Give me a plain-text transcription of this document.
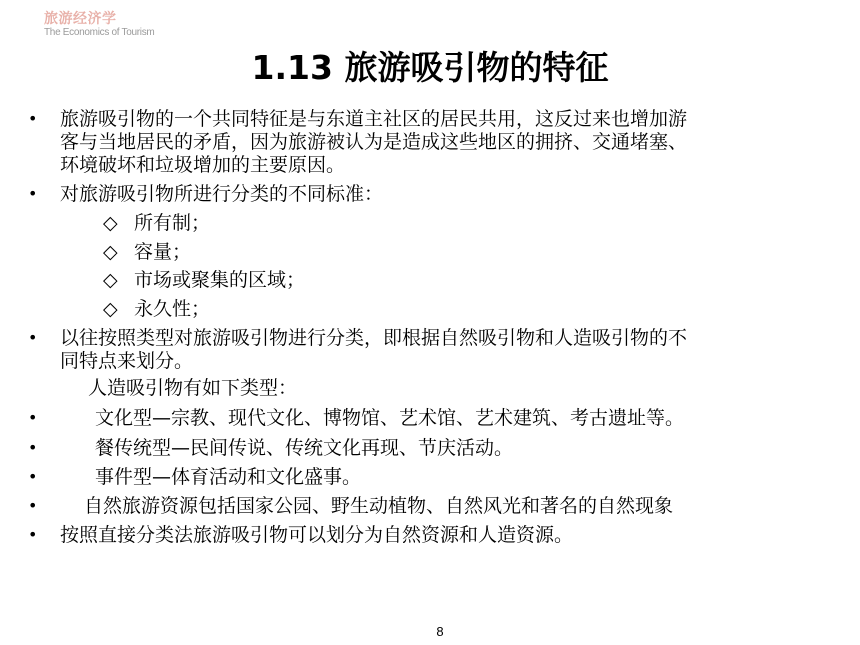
旅游经济学
The Economics of Tourism
1.13 旅游吸引物的特征
• 旅游吸引物的一个共同特征是与东道主社区的居民共用，这反过来也增加游
客与当地居民的矛盾，因为旅游被认为是造成这些地区的拥挤、交通堵塞、
环境破坏和垃圾增加的主要原因。
• 对旅游吸引物所进行分类的不同标准：
◇ 所有制；
◇ 容量；
◇ 市场或聚集的区域；
◇ 永久性；
• 以往按照类型对旅游吸引物进行分类，即根据自然吸引物和人造吸引物的不
同特点来划分。
人造吸引物有如下类型：
•	文化型—宗教、现代文化、博物馆、艺术馆、艺术建筑、考古遗址等。
•	餐传统型—民间传说、传统文化再现、节庆活动。
•	事件型—体育活动和文化盛事。
• 自然旅游资源包括国家公园、野生动植物、自然风光和著名的自然现象
• 按照直接分类法旅游吸引物可以划分为自然资源和人造资源。
8
